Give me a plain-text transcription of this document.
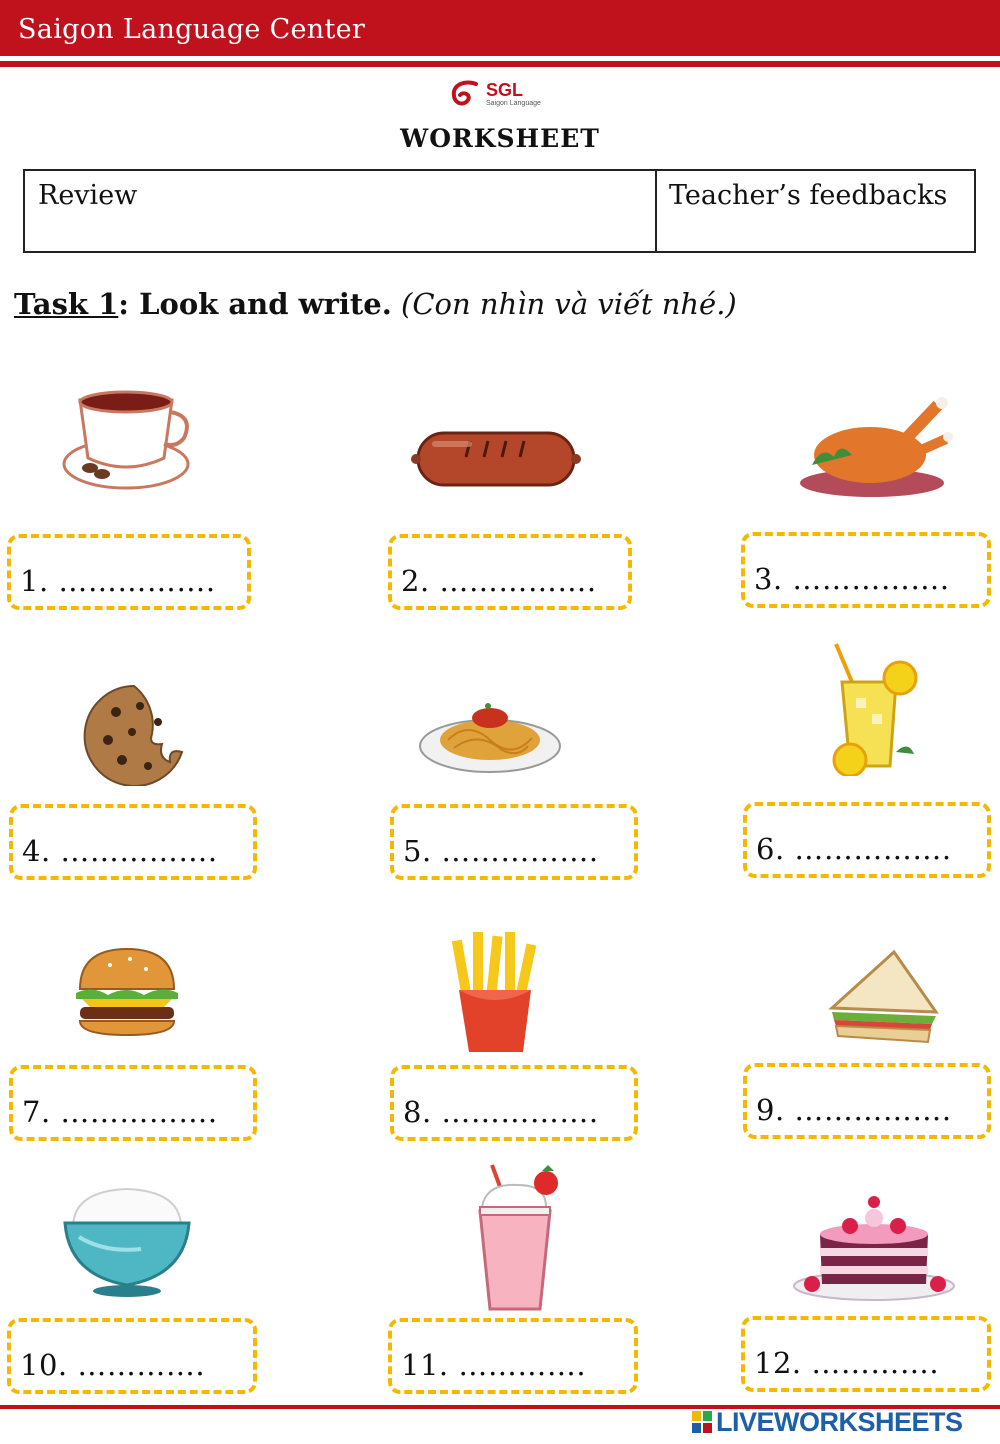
Saigon Language Center
SGL
Saigon Language
WORKSHEET
Review	Teacher’s feedbacks
Task 1: Look and write. (Con nhìn và viết nhé.)
1. …………….	2. …………….	3. …………….
4. …………….	5. …………….	6. …………….
7. …………….	8. …………….	9. …………….
10. ………….	11. ………….	12. ………….
LIVEWORKSHEETS
